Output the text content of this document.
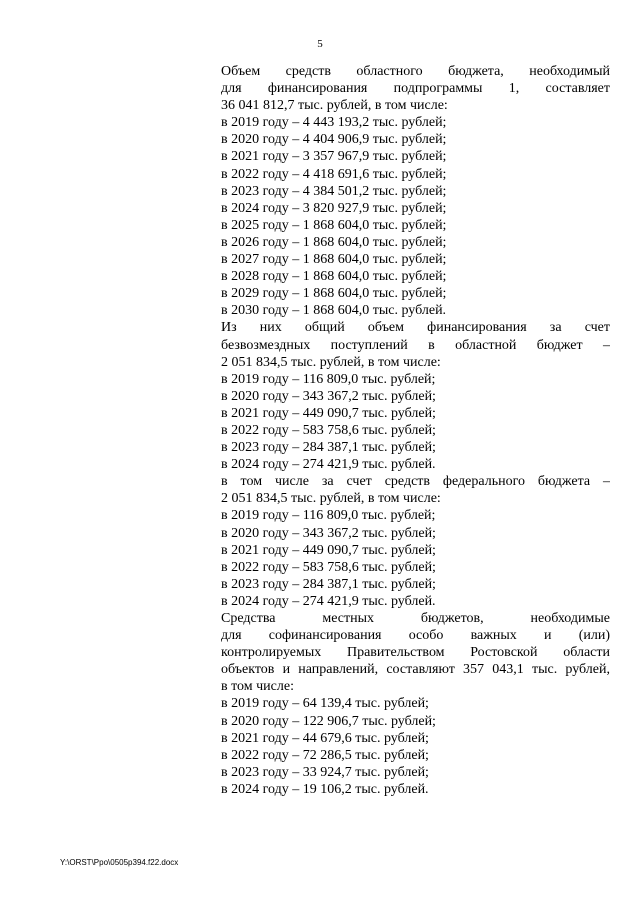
5
Объем средств областного бюджета, необходимый
для финансирования подпрограммы 1, составляет
36 041 812,7 тыс. рублей, в том числе:
в 2019 году – 4 443 193,2 тыс. рублей;
в 2020 году – 4 404 906,9 тыс. рублей;
в 2021 году – 3 357 967,9 тыс. рублей;
в 2022 году – 4 418 691,6 тыс. рублей;
в 2023 году – 4 384 501,2 тыс. рублей;
в 2024 году – 3 820 927,9 тыс. рублей;
в 2025 году – 1 868 604,0 тыс. рублей;
в 2026 году – 1 868 604,0 тыс. рублей;
в 2027 году – 1 868 604,0 тыс. рублей;
в 2028 году – 1 868 604,0 тыс. рублей;
в 2029 году – 1 868 604,0 тыс. рублей;
в 2030 году – 1 868 604,0 тыс. рублей.
Из них общий объем финансирования за счет
безвозмездных поступлений в областной бюджет –
2 051 834,5 тыс. рублей, в том числе:
в 2019 году – 116 809,0 тыс. рублей;
в 2020 году – 343 367,2 тыс. рублей;
в 2021 году – 449 090,7 тыс. рублей;
в 2022 году – 583 758,6 тыс. рублей;
в 2023 году – 284 387,1 тыс. рублей;
в 2024 году – 274 421,9 тыс. рублей.
в том числе за счет средств федерального бюджета –
2 051 834,5 тыс. рублей, в том числе:
в 2019 году – 116 809,0 тыс. рублей;
в 2020 году – 343 367,2 тыс. рублей;
в 2021 году – 449 090,7 тыс. рублей;
в 2022 году – 583 758,6 тыс. рублей;
в 2023 году – 284 387,1 тыс. рублей;
в 2024 году – 274 421,9 тыс. рублей.
Средства местных бюджетов, необходимые
для софинансирования особо важных и (или)
контролируемых Правительством Ростовской области
объектов и направлений, составляют 357 043,1 тыс. рублей,
в том числе:
в 2019 году – 64 139,4 тыс. рублей;
в 2020 году – 122 906,7 тыс. рублей;
в 2021 году – 44 679,6 тыс. рублей;
в 2022 году – 72 286,5 тыс. рублей;
в 2023 году – 33 924,7 тыс. рублей;
в 2024 году – 19 106,2 тыс. рублей.
Y:\ORST\Ppo\0505p394.f22.docx
